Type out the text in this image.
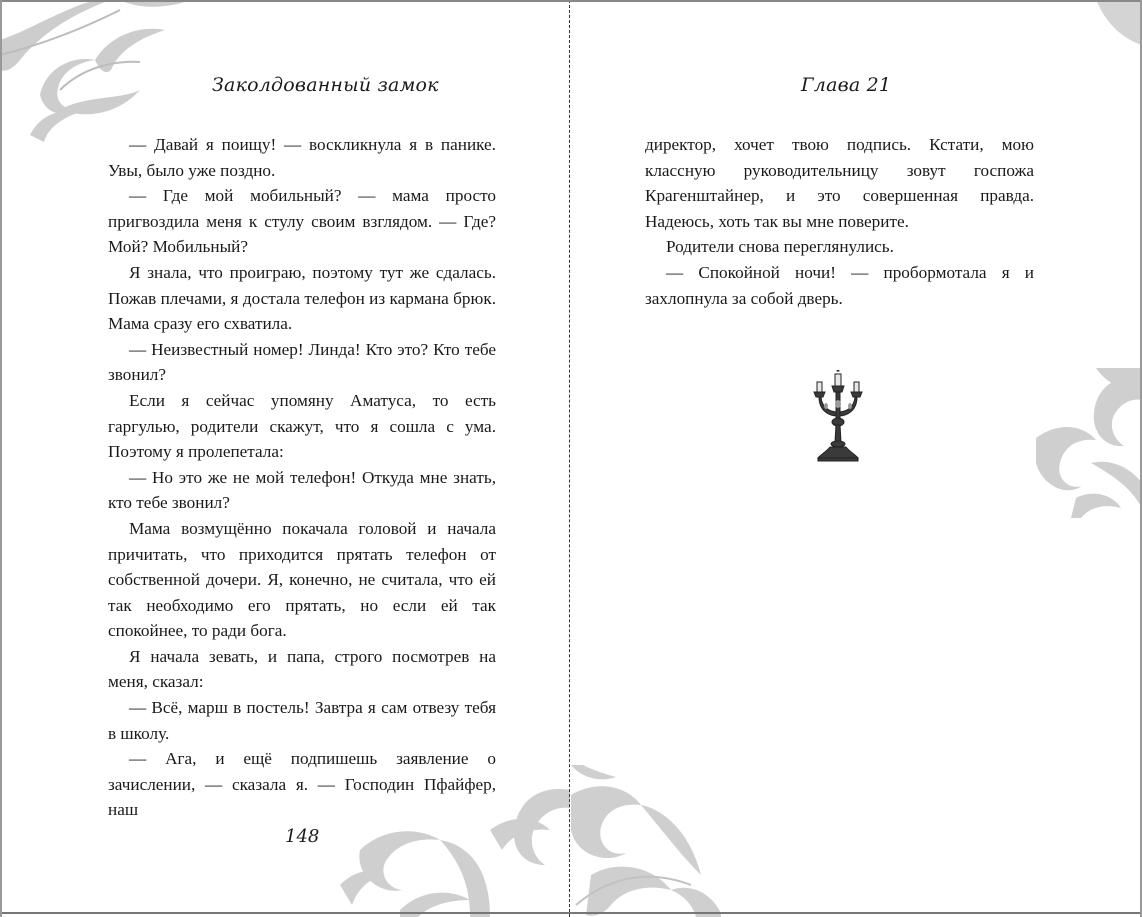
Заколдованный замок

— Давай я поищу! — воскликнула я в панике. Увы, было уже поздно.

— Где мой мобильный? — мама просто пригвоздила меня к стулу своим взглядом. — Где? Мой? Мобильный?

Я знала, что проиграю, поэтому тут же сдалась. Пожав плечами, я достала телефон из кармана брюк. Мама сразу его схватила.

— Неизвестный номер! Линда! Кто это? Кто тебе звонил?

Если я сейчас упомяну Аматуса, то есть гаргулью, родители скажут, что я сошла с ума. Поэтому я пролепетала:

— Но это же не мой телефон! Откуда мне знать, кто тебе звонил?

Мама возмущённо покачала головой и начала причитать, что приходится прятать телефон от собственной дочери. Я, конечно, не считала, что ей так необходимо его прятать, но если ей так спокойнее, то ради бога.

Я начала зевать, и папа, строго посмотрев на меня, сказал:

— Всё, марш в постель! Завтра я сам отвезу тебя в школу.

— Ага, и ещё подпишешь заявление о зачислении, — сказала я. — Господин Пфайфер, наш

148
Глава 21

директор, хочет твою подпись. Кстати, мою классную руководительницу зовут госпожа Крагенштайнер, и это совершенная правда. Надеюсь, хоть так вы мне поверите.

Родители снова переглянулись.

— Спокойной ночи! — пробормотала я и захлопнула за собой дверь.
